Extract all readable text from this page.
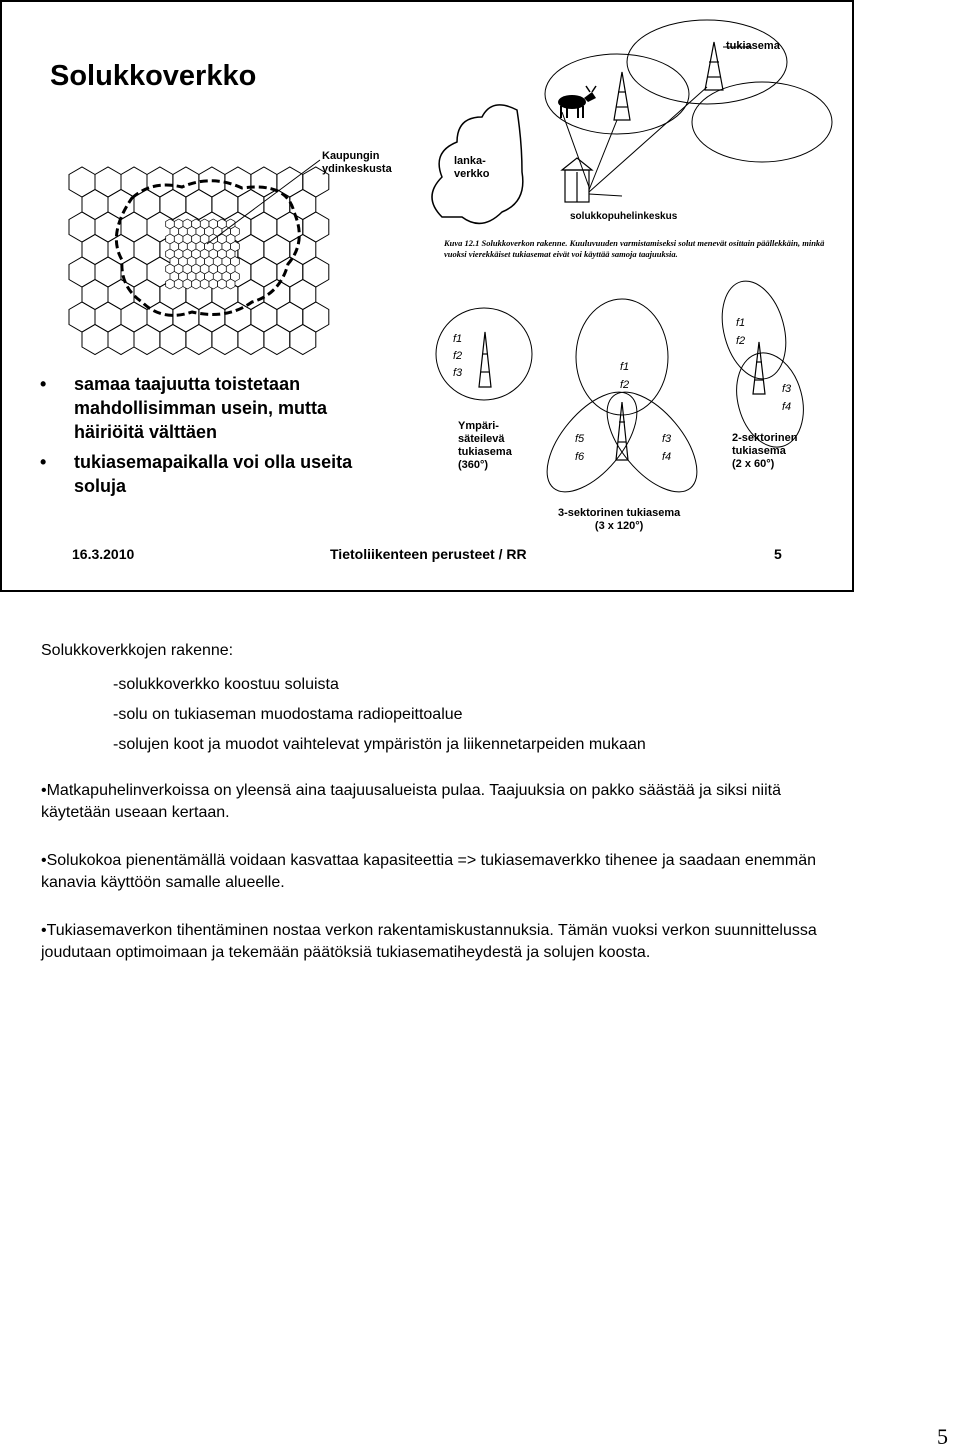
Solukkoverkko
Kaupungin
ydinkeskusta
lanka-
verkko
tukiasema
solukkopuhelinkeskus
Kuva 12.1 Solukkoverkon rakenne. Kuuluvuuden varmistamiseksi solut menevät osittain päällekkäin, minkä vuoksi vierekkäiset tukiasemat eivät voi käyttää samoja taajuuksia.
Ympäri-
säteilevä
tukiasema
(360°)
2-sektorinen
tukiasema
(2 x 60°)
3-sektorinen tukiasema
(3 x 120°)
f1
f2
f3	f1
f2
f5
f6
f3
f4
f1
f2
f3
f4
• samaa taajuutta toistetaan mahdollisimman usein, mutta häiriöitä välttäen
• tukiasemapaikalla voi olla useita soluja
16.3.2010	Tietoliikenteen perusteet / RR	5

Solukkoverkkojen rakenne:

-solukkoverkko koostuu soluista

-solu on tukiaseman muodostama radiopeittoalue

-solujen koot ja muodot vaihtelevat ympäristön ja liikennetarpeiden mukaan

•Matkapuhelinverkoissa on yleensä aina taajuusalueista pulaa. Taajuuksia on pakko säästää ja siksi niitä käytetään useaan kertaan.

•Solukokoa pienentämällä voidaan kasvattaa kapasiteettia => tukiasemaverkko tihenee ja saadaan enemmän kanavia käyttöön samalle alueelle.

•Tukiasemaverkon tihentäminen nostaa verkon rakentamiskustannuksia. Tämän vuoksi verkon suunnittelussa joudutaan optimoimaan ja tekemään päätöksiä tukiasematiheydestä ja solujen koosta.

5
